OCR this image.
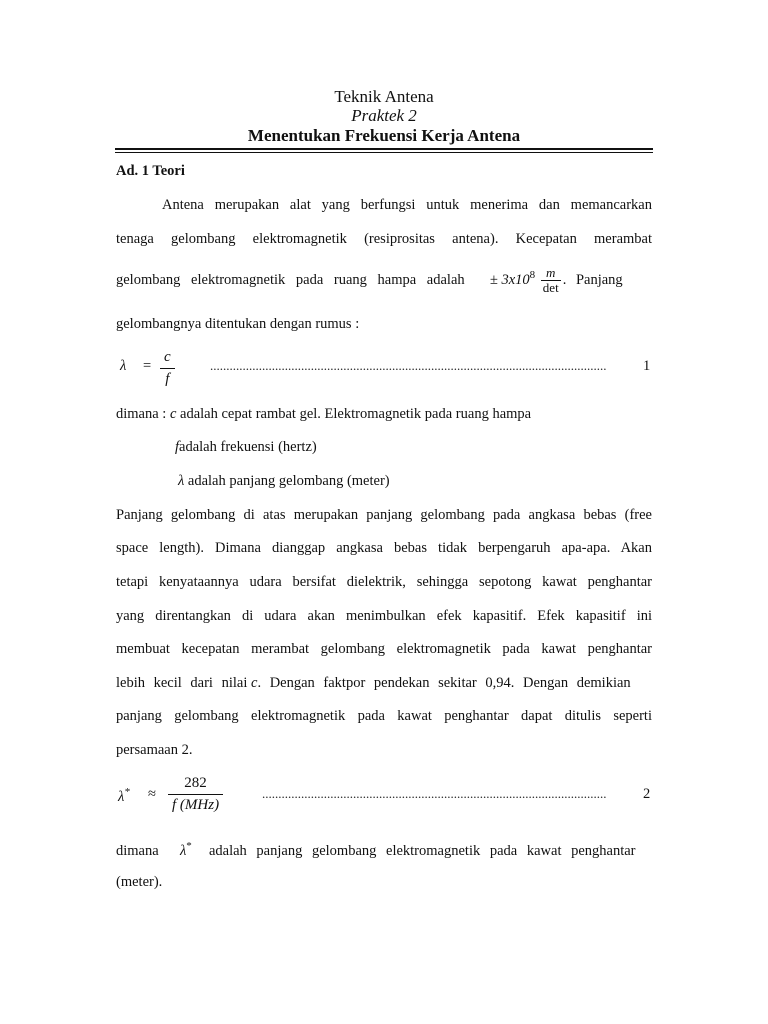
Teknik Antena
Praktek 2
Menentukan Frekuensi Kerja Antena
Ad. 1 Teori
Antena merupakan alat yang berfungsi untuk menerima dan memancarkan
tenaga gelombang elektromagnetik (resiprositas antena). Kecepatan merambat
gelombang elektromagnetik pada ruang hampa adalah ± $3x10^8 \frac{m}{\det}$ . Panjang
gelombangnya ditentukan dengan rumus :
$\lambda = \frac{c}{f}$	..........................................................................................................................	1
dimana : c adalah cepat rambat gel. Elektromagnetik pada ruang hampa
fadalah frekuensi (hertz)
λ adalah panjang gelombang (meter)
Panjang gelombang di atas merupakan panjang gelombang pada angkasa bebas (free
space length). Dimana dianggap angkasa bebas tidak berpengaruh apa-apa. Akan
tetapi kenyataannya udara bersifat dielektrik, sehingga sepotong kawat penghantar
yang direntangkan di udara akan menimbulkan efek kapasitif. Efek kapasitif ini
membuat kecepatan merambat gelombang elektromagnetik pada kawat penghantar
lebih kecil dari nilai c. Dengan faktpor pendekan sekitar 0,94. Dengan demikian
panjang gelombang elektromagnetik pada kawat penghantar dapat ditulis seperti
persamaan 2.
λ* ≈
282
f (MHz)
..........................................................................................................	2
dimana λ* adalah panjang gelombang elektromagnetik pada kawat penghantar
(meter).
